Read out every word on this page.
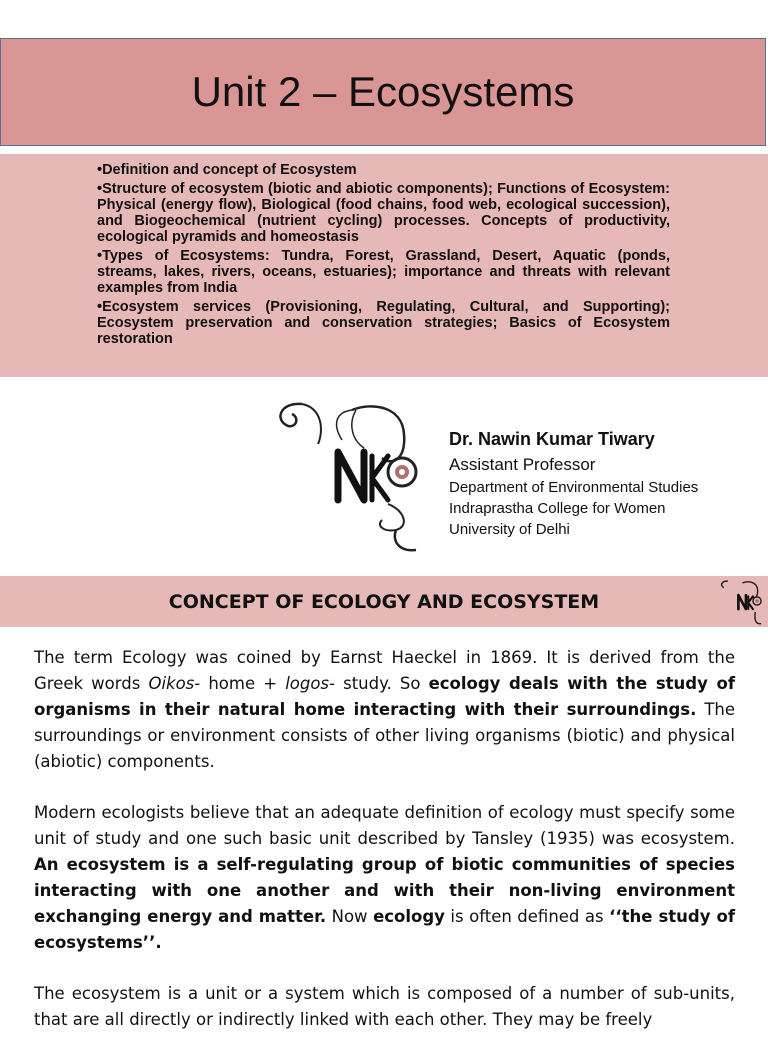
Unit 2 – Ecosystems
•Definition and concept of Ecosystem
•Structure of ecosystem (biotic and abiotic components); Functions of Ecosystem: Physical (energy flow), Biological (food chains, food web, ecological succession), and Biogeochemical (nutrient cycling) processes. Concepts of productivity, ecological pyramids and homeostasis
•Types of Ecosystems: Tundra, Forest, Grassland, Desert, Aquatic (ponds, streams, lakes, rivers, oceans, estuaries); importance and threats with relevant examples from India
•Ecosystem services (Provisioning, Regulating, Cultural, and Supporting); Ecosystem preservation and conservation strategies; Basics of Ecosystem restoration
Dr. Nawin Kumar Tiwary
Assistant Professor
Department of Environmental Studies
Indraprastha College for Women
University of Delhi
CONCEPT OF ECOLOGY AND ECOSYSTEM

The term Ecology was coined by Earnst Haeckel in 1869. It is derived from the Greek words Oikos- home + logos- study. So ecology deals with the study of organisms in their natural home interacting with their surroundings. The surroundings or environment consists of other living organisms (biotic) and physical (abiotic) components.

Modern ecologists believe that an adequate definition of ecology must specify some unit of study and one such basic unit described by Tansley (1935) was ecosystem. An ecosystem is a self-regulating group of biotic communities of species interacting with one another and with their non-living environment exchanging energy and matter. Now ecology is often defined as ‘‘the study of ecosystems’’.

The ecosystem is a unit or a system which is composed of a number of sub-units, that are all directly or indirectly linked with each other. They may be freely
